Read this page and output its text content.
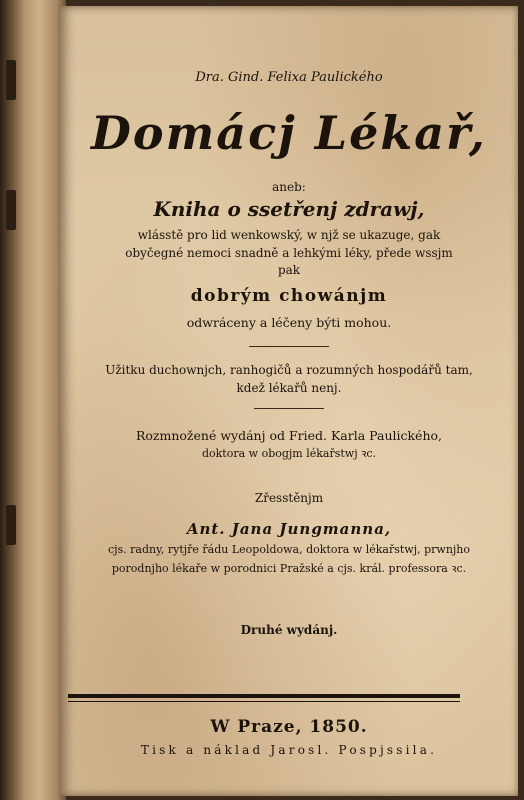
Dra. Gind. Felixa Paulického
Domácj Lékař,
aneb:
Kniha o ssetřenj zdrawj,
wlásstě pro lid wenkowský, w njž se ukazuge, gak
obyčegné nemoci snadně a lehkými léky, přede wssjm
pak
dobrým chowánjm
odwráceny a léčeny býti mohou.
Užitku duchownjch, ranhogičů a rozumných hospodářů tam,
kdež lékařů nenj.
Rozmnožené wydánj od Fried. Karla Paulického,
doktora w obogjm lékařstwj ꝛc.
Zřesstěnjm
Ant. Jana Jungmanna,
cjs. radny, rytjře řádu Leopoldowa, doktora w lékařstwj, prwnjho
porodnjho lékaře w porodnici Pražské a cjs. král. professora ꝛc.
Druhé wydánj.
W Praze, 1850.
Tisk a náklad Jarosl. Pospjssila.
